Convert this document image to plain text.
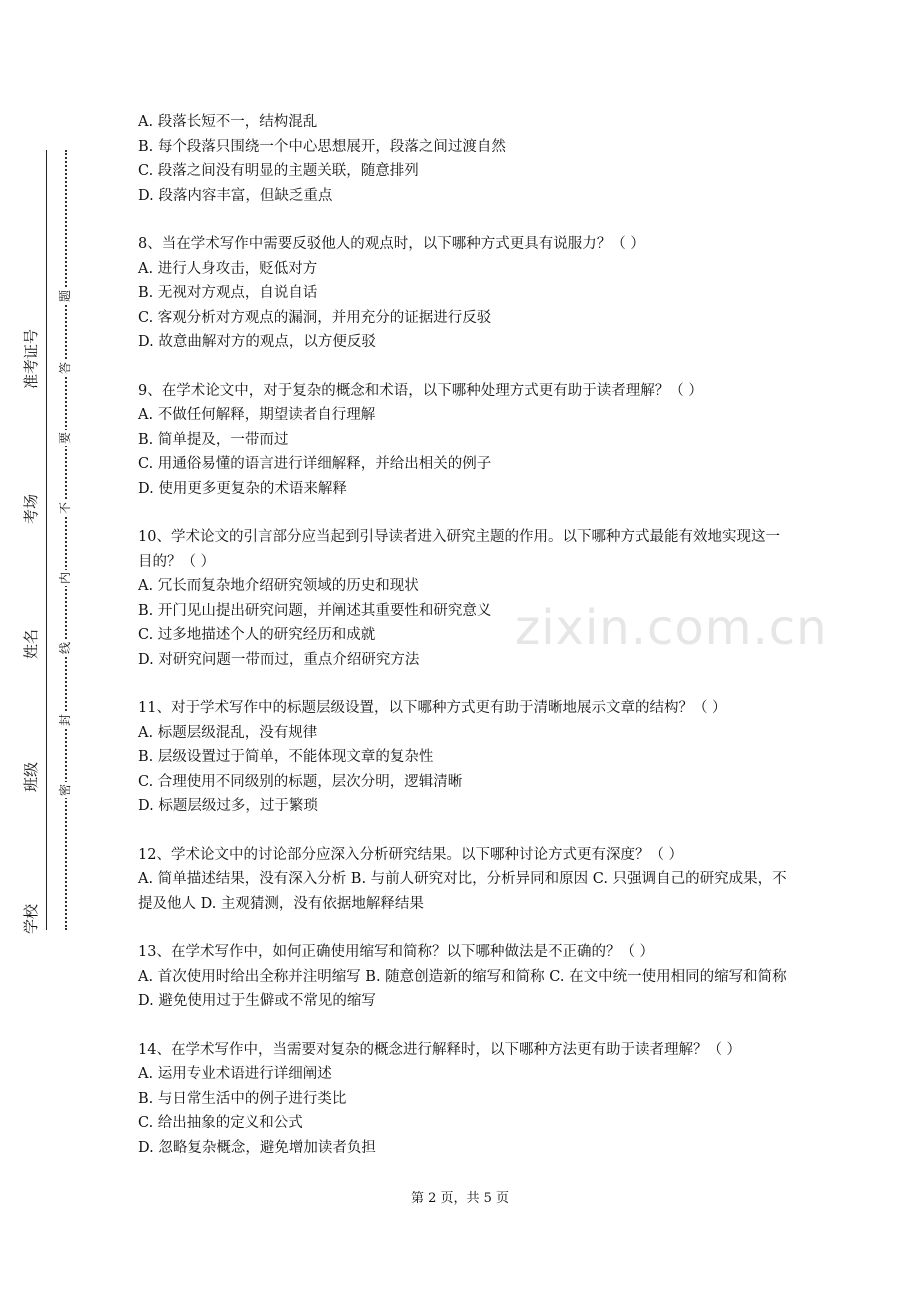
准考证号
考场
姓名
班级
学校
题
答
要
不
内
线
封
密
zixin.com.cn
A. 段落长短不一，结构混乱
B. 每个段落只围绕一个中心思想展开，段落之间过渡自然
C. 段落之间没有明显的主题关联，随意排列
D. 段落内容丰富，但缺乏重点
8、当在学术写作中需要反驳他人的观点时，以下哪种方式更具有说服力？（ ）
A. 进行人身攻击，贬低对方
B. 无视对方观点，自说自话
C. 客观分析对方观点的漏洞，并用充分的证据进行反驳
D. 故意曲解对方的观点，以方便反驳
9、在学术论文中，对于复杂的概念和术语，以下哪种处理方式更有助于读者理解？（ ）
A. 不做任何解释，期望读者自行理解
B. 简单提及，一带而过
C. 用通俗易懂的语言进行详细解释，并给出相关的例子
D. 使用更多更复杂的术语来解释
10、学术论文的引言部分应当起到引导读者进入研究主题的作用。以下哪种方式最能有效地实现这一目的？（ ）
A. 冗长而复杂地介绍研究领域的历史和现状
B. 开门见山提出研究问题，并阐述其重要性和研究意义
C. 过多地描述个人的研究经历和成就
D. 对研究问题一带而过，重点介绍研究方法
11、对于学术写作中的标题层级设置，以下哪种方式更有助于清晰地展示文章的结构？（ ）
A. 标题层级混乱，没有规律
B. 层级设置过于简单，不能体现文章的复杂性
C. 合理使用不同级别的标题，层次分明，逻辑清晰
D. 标题层级过多，过于繁琐
12、学术论文中的讨论部分应深入分析研究结果。以下哪种讨论方式更有深度？（ ）
A. 简单描述结果，没有深入分析 B. 与前人研究对比，分析异同和原因 C. 只强调自己的研究成果，不提及他人 D. 主观猜测，没有依据地解释结果
13、在学术写作中，如何正确使用缩写和简称？以下哪种做法是不正确的？（ ）
A. 首次使用时给出全称并注明缩写 B. 随意创造新的缩写和简称 C. 在文中统一使用相同的缩写和简称 D. 避免使用过于生僻或不常见的缩写
14、在学术写作中，当需要对复杂的概念进行解释时，以下哪种方法更有助于读者理解？（ ）
A. 运用专业术语进行详细阐述
B. 与日常生活中的例子进行类比
C. 给出抽象的定义和公式
D. 忽略复杂概念，避免增加读者负担
第 2 页，共 5 页
